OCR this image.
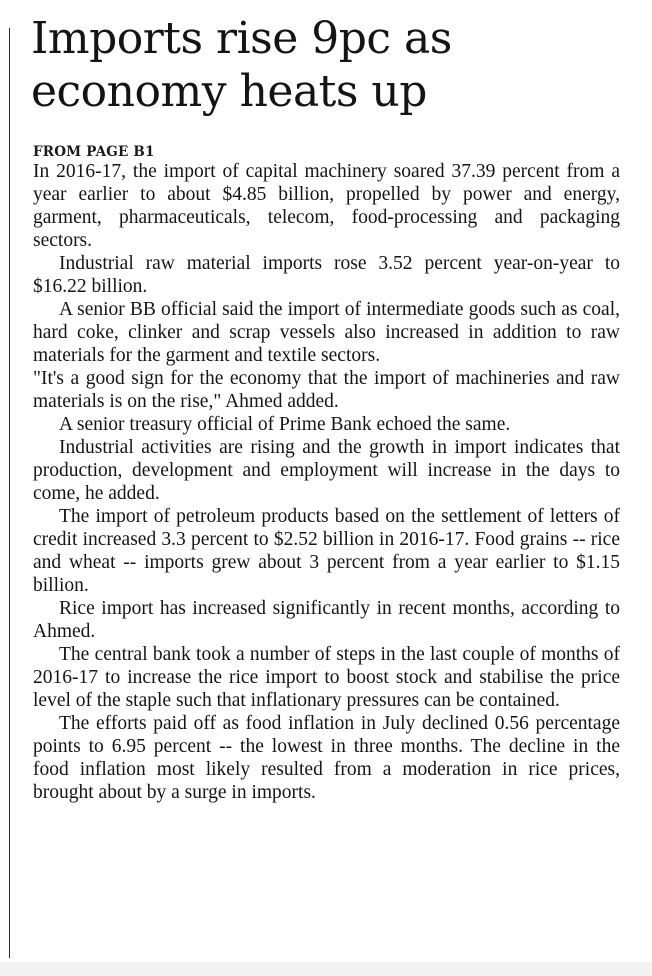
Imports rise 9pc as economy heats up
FROM PAGE B1

In 2016-17, the import of capital machinery soared 37.39 percent from a year earlier to about $4.85 billion, propelled by power and energy, garment, pharmaceuticals, telecom, food-processing and packaging sectors.

Industrial raw material imports rose 3.52 percent year-on-year to $16.22 billion.

A senior BB official said the import of intermediate goods such as coal, hard coke, clinker and scrap vessels also increased in addition to raw materials for the garment and textile sectors.

"It's a good sign for the economy that the import of machineries and raw materials is on the rise," Ahmed added.

A senior treasury official of Prime Bank echoed the same.

Industrial activities are rising and the growth in import indicates that production, development and employment will increase in the days to come, he added.

The import of petroleum products based on the settlement of letters of credit increased 3.3 percent to $2.52 billion in 2016-17. Food grains -- rice and wheat -- imports grew about 3 percent from a year earlier to $1.15 billion.

Rice import has increased significantly in recent months, according to Ahmed.

The central bank took a number of steps in the last couple of months of 2016-17 to increase the rice import to boost stock and stabilise the price level of the staple such that inflationary pressures can be contained.

The efforts paid off as food inflation in July declined 0.56 percentage points to 6.95 percent -- the lowest in three months. The decline in the food inflation most likely resulted from a moderation in rice prices, brought about by a surge in imports.
